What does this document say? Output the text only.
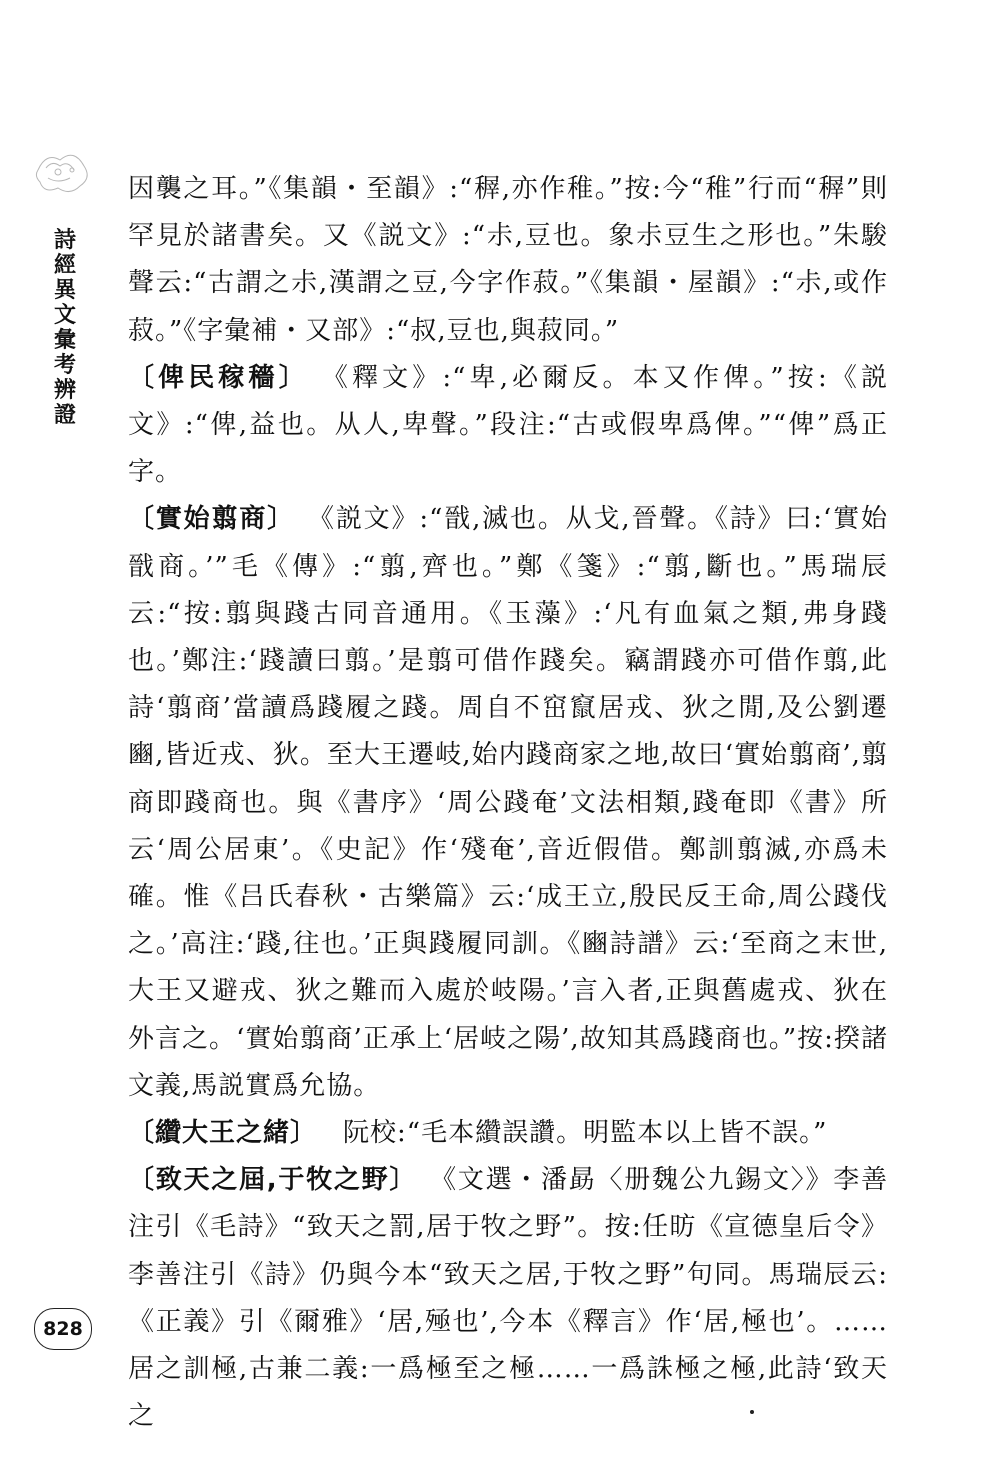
詩
經
異
文
彙
考
辨
證

因襲之耳。”《集韻・至韻》:“稺,亦作稚。”按:今“稚”行而“稺”則罕見於諸書矣。又《説文》:“尗,豆也。象尗豆生之形也。”朱駿聲云:“古謂之尗,漢謂之豆,今字作菽。”《集韻・屋韻》:“尗,或作菽。”《字彙補・又部》:“叔,豆也,與菽同。”

〔俾民稼穡〕 《釋文》:“卑,必爾反。本又作俾。”按:《説文》:“俾,益也。从人,卑聲。”段注:“古或假卑爲俾。”“俾”爲正字。

〔實始翦商〕 《説文》:“戩,滅也。从戈,晉聲。《詩》曰:‘實始戩商。’”毛《傳》:“翦,齊也。”鄭《箋》:“翦,斷也。”馬瑞辰云:“按:翦與踐古同音通用。《玉藻》:‘凡有血氣之類,弗身踐也。’鄭注:‘踐讀曰翦。’是翦可借作踐矣。竊謂踐亦可借作翦,此詩‘翦商’當讀爲踐履之踐。周自不窋竄居戎、狄之閒,及公劉遷豳,皆近戎、狄。至大王遷岐,始内踐商家之地,故曰‘實始翦商’,翦商即踐商也。與《書序》‘周公踐奄’文法相類,踐奄即《書》所云‘周公居東’。《史記》作‘殘奄’,音近假借。鄭訓翦滅,亦爲未確。惟《吕氏春秋・古樂篇》云:‘成王立,殷民反王命,周公踐伐之。’高注:‘踐,往也。’正與踐履同訓。《豳詩譜》云:‘至商之末世,大王又避戎、狄之難而入處於岐陽。’言入者,正與舊處戎、狄在外言之。‘實始翦商’正承上‘居岐之陽’,故知其爲踐商也。”按:揆諸文義,馬説實爲允協。

〔纘大王之緒〕 阮校:“毛本纘誤讚。明監本以上皆不誤。”

〔致天之屆,于牧之野〕 《文選・潘勗〈册魏公九錫文〉》李善注引《毛詩》“致天之罰,居于牧之野”。按:任昉《宣德皇后令》李善注引《詩》仍與今本“致天之居,于牧之野”句同。馬瑞辰云:《正義》引《爾雅》‘居,殛也’,今本《釋言》作‘居,極也’。……居之訓極,古兼二義:一爲極至之極……一爲誅極之極,此詩‘致天之

828
